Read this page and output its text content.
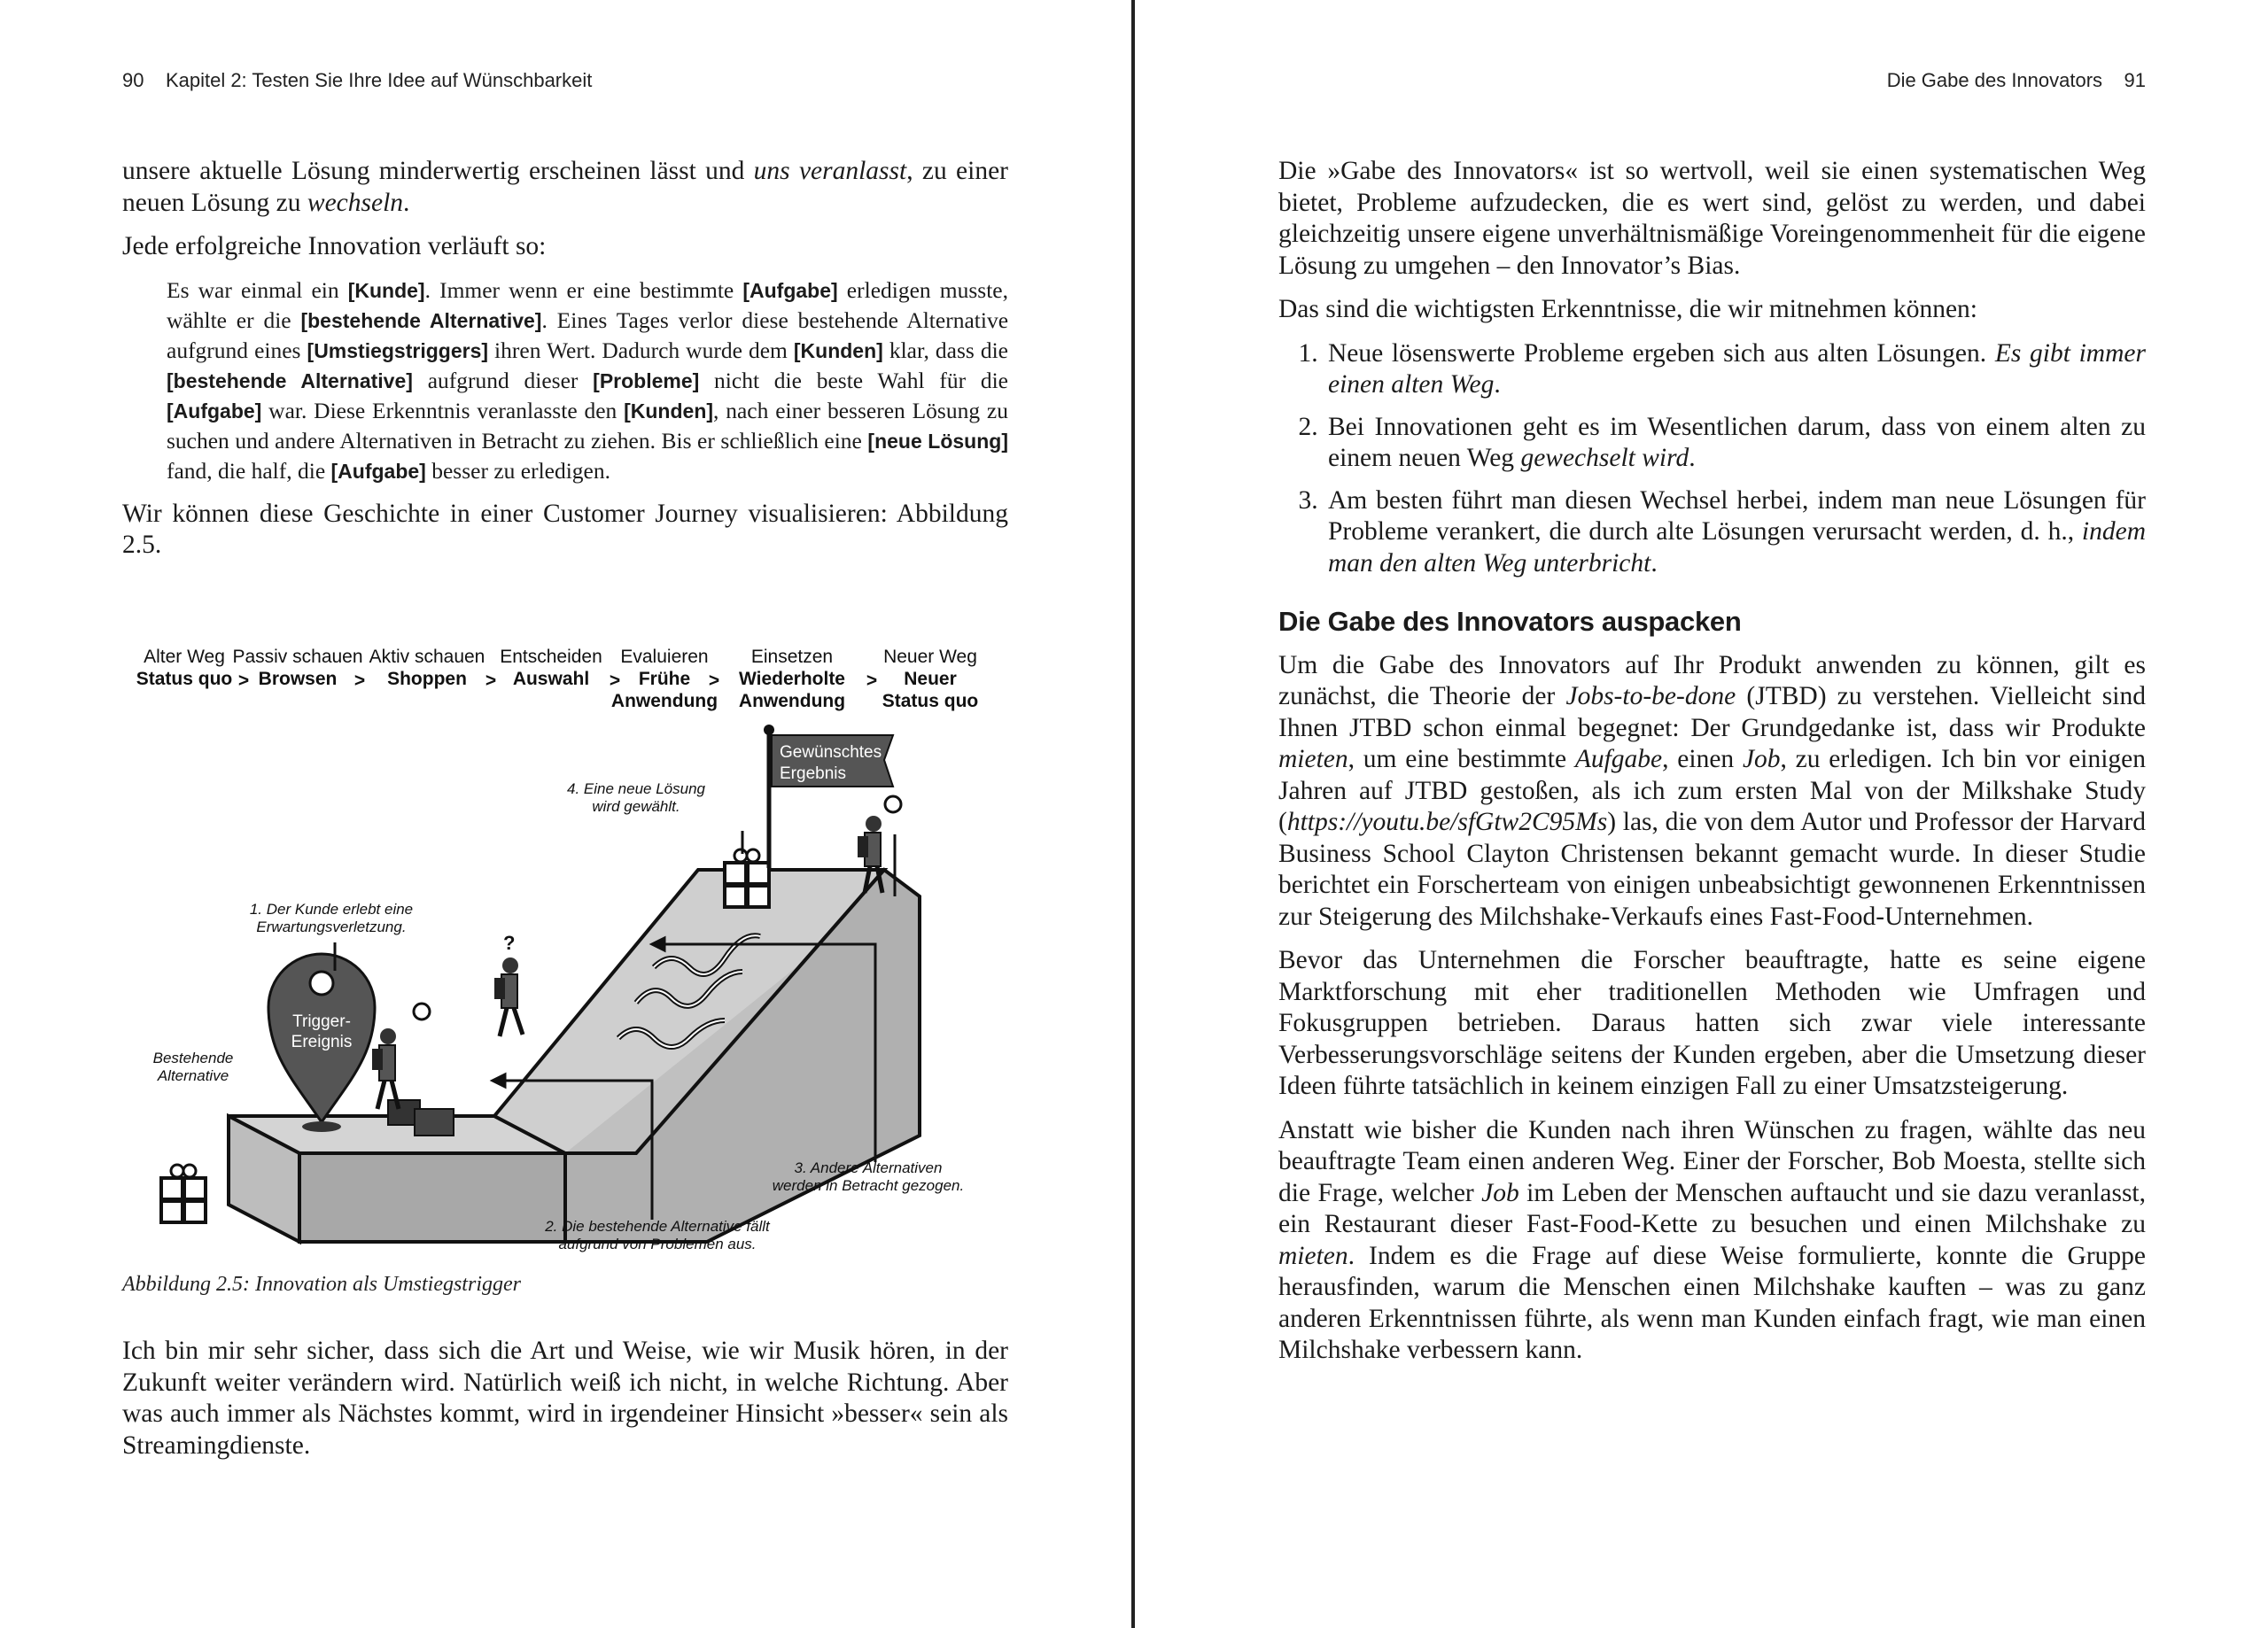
90 Kapitel 2: Testen Sie Ihre Idee auf Wünschbarkeit

unsere aktuelle Lösung minderwertig erscheinen lässt und uns veranlasst, zu einer neuen Lösung zu wechseln.

Jede erfolgreiche Innovation verläuft so:

Es war einmal ein [Kunde]. Immer wenn er eine bestimmte [Aufgabe] erledigen musste, wählte er die [bestehende Alternative]. Eines Tages verlor diese bestehende Alternative aufgrund eines [Umstiegstriggers] ihren Wert. Dadurch wurde dem [Kunden] klar, dass die [bestehende Alternative] aufgrund dieser [Probleme] nicht die beste Wahl für die [Aufgabe] war. Diese Erkenntnis veranlasste den [Kunden], nach einer besseren Lösung zu suchen und andere Alternativen in Betracht zu ziehen. Bis er schließlich eine [neue Lösung] fand, die half, die [Aufgabe] besser zu erledigen.

Wir können diese Geschichte in einer Customer Journey visualisieren: Abbildung 2.5.

Alter Weg
Status quo >
Passiv schauen
Browsen >
Aktiv schauen
Shoppen >
Entscheiden
Auswahl >
Evaluieren
Frühe
Anwendung
>
Einsetzen
Wiederholte
Anwendung
>
Neuer Weg
Neuer
Status quo
Gewünschtes
Ergebnis
Trigger-
Ereignis
?
4. Eine neue Lösung
wird gewählt.
1. Der Kunde erlebt eine
Erwartungsverletzung.
Bestehende
Alternative
3. Andere Alternativen
werden in Betracht gezogen.
2. Die bestehende Alternative fällt
aufgrund von Problemen aus.
Abbildung 2.5: Innovation als Umstiegstrigger

Ich bin mir sehr sicher, dass sich die Art und Weise, wie wir Musik hören, in der Zukunft weiter verändern wird. Natürlich weiß ich nicht, in welche Richtung. Aber was auch immer als Nächstes kommt, wird in irgendeiner Hinsicht »besser« sein als Streamingdienste.

Die Gabe des Innovators 91

Die »Gabe des Innovators« ist so wertvoll, weil sie einen systematischen Weg bietet, Probleme aufzudecken, die es wert sind, gelöst zu werden, und dabei gleichzeitig unsere eigene unverhältnismäßige Voreingenommenheit für die eigene Lösung zu umgehen – den Innovator’s Bias.

Das sind die wichtigsten Erkenntnisse, die wir mitnehmen können:

1. Neue lösenswerte Probleme ergeben sich aus alten Lösungen. Es gibt immer einen alten Weg.
2. Bei Innovationen geht es im Wesentlichen darum, dass von einem alten zu einem neuen Weg gewechselt wird.
3. Am besten führt man diesen Wechsel herbei, indem man neue Lösungen für Probleme verankert, die durch alte Lösungen verursacht werden, d. h., indem man den alten Weg unterbricht.
Die Gabe des Innovators auspacken

Um die Gabe des Innovators auf Ihr Produkt anwenden zu können, gilt es zunächst, die Theorie der Jobs-to-be-done (JTBD) zu verstehen. Vielleicht sind Ihnen JTBD schon einmal begegnet: Der Grundgedanke ist, dass wir Produkte mieten, um eine bestimmte Aufgabe, einen Job, zu erledigen. Ich bin vor einigen Jahren auf JTBD gestoßen, als ich zum ersten Mal von der Milkshake Study (https://youtu.be/sfGtw2C95Ms) las, die von dem Autor und Professor der Harvard Business School Clayton Christensen bekannt gemacht wurde. In dieser Studie berichtet ein Forscherteam von einigen unbeabsichtigt gewonnenen Erkenntnissen zur Steigerung des Milchshake-Verkaufs eines Fast-Food-Unternehmen.

Bevor das Unternehmen die Forscher beauftragte, hatte es seine eigene Marktforschung mit eher traditionellen Methoden wie Umfragen und Fokusgruppen betrieben. Daraus hatten sich zwar viele interessante Verbesserungsvorschläge seitens der Kunden ergeben, aber die Umsetzung dieser Ideen führte tatsächlich in keinem einzigen Fall zu einer Umsatzsteigerung.

Anstatt wie bisher die Kunden nach ihren Wünschen zu fragen, wählte das neu beauftragte Team einen anderen Weg. Einer der Forscher, Bob Moesta, stellte sich die Frage, welcher Job im Leben der Menschen auftaucht und sie dazu veranlasst, ein Restaurant dieser Fast-Food-Kette zu besuchen und einen Milchshake zu mieten. Indem es die Frage auf diese Weise formulierte, konnte die Gruppe herausfinden, warum die Menschen einen Milchshake kauften – was zu ganz anderen Erkenntnissen führte, als wenn man Kunden einfach fragt, wie man einen Milchshake verbessern kann.
